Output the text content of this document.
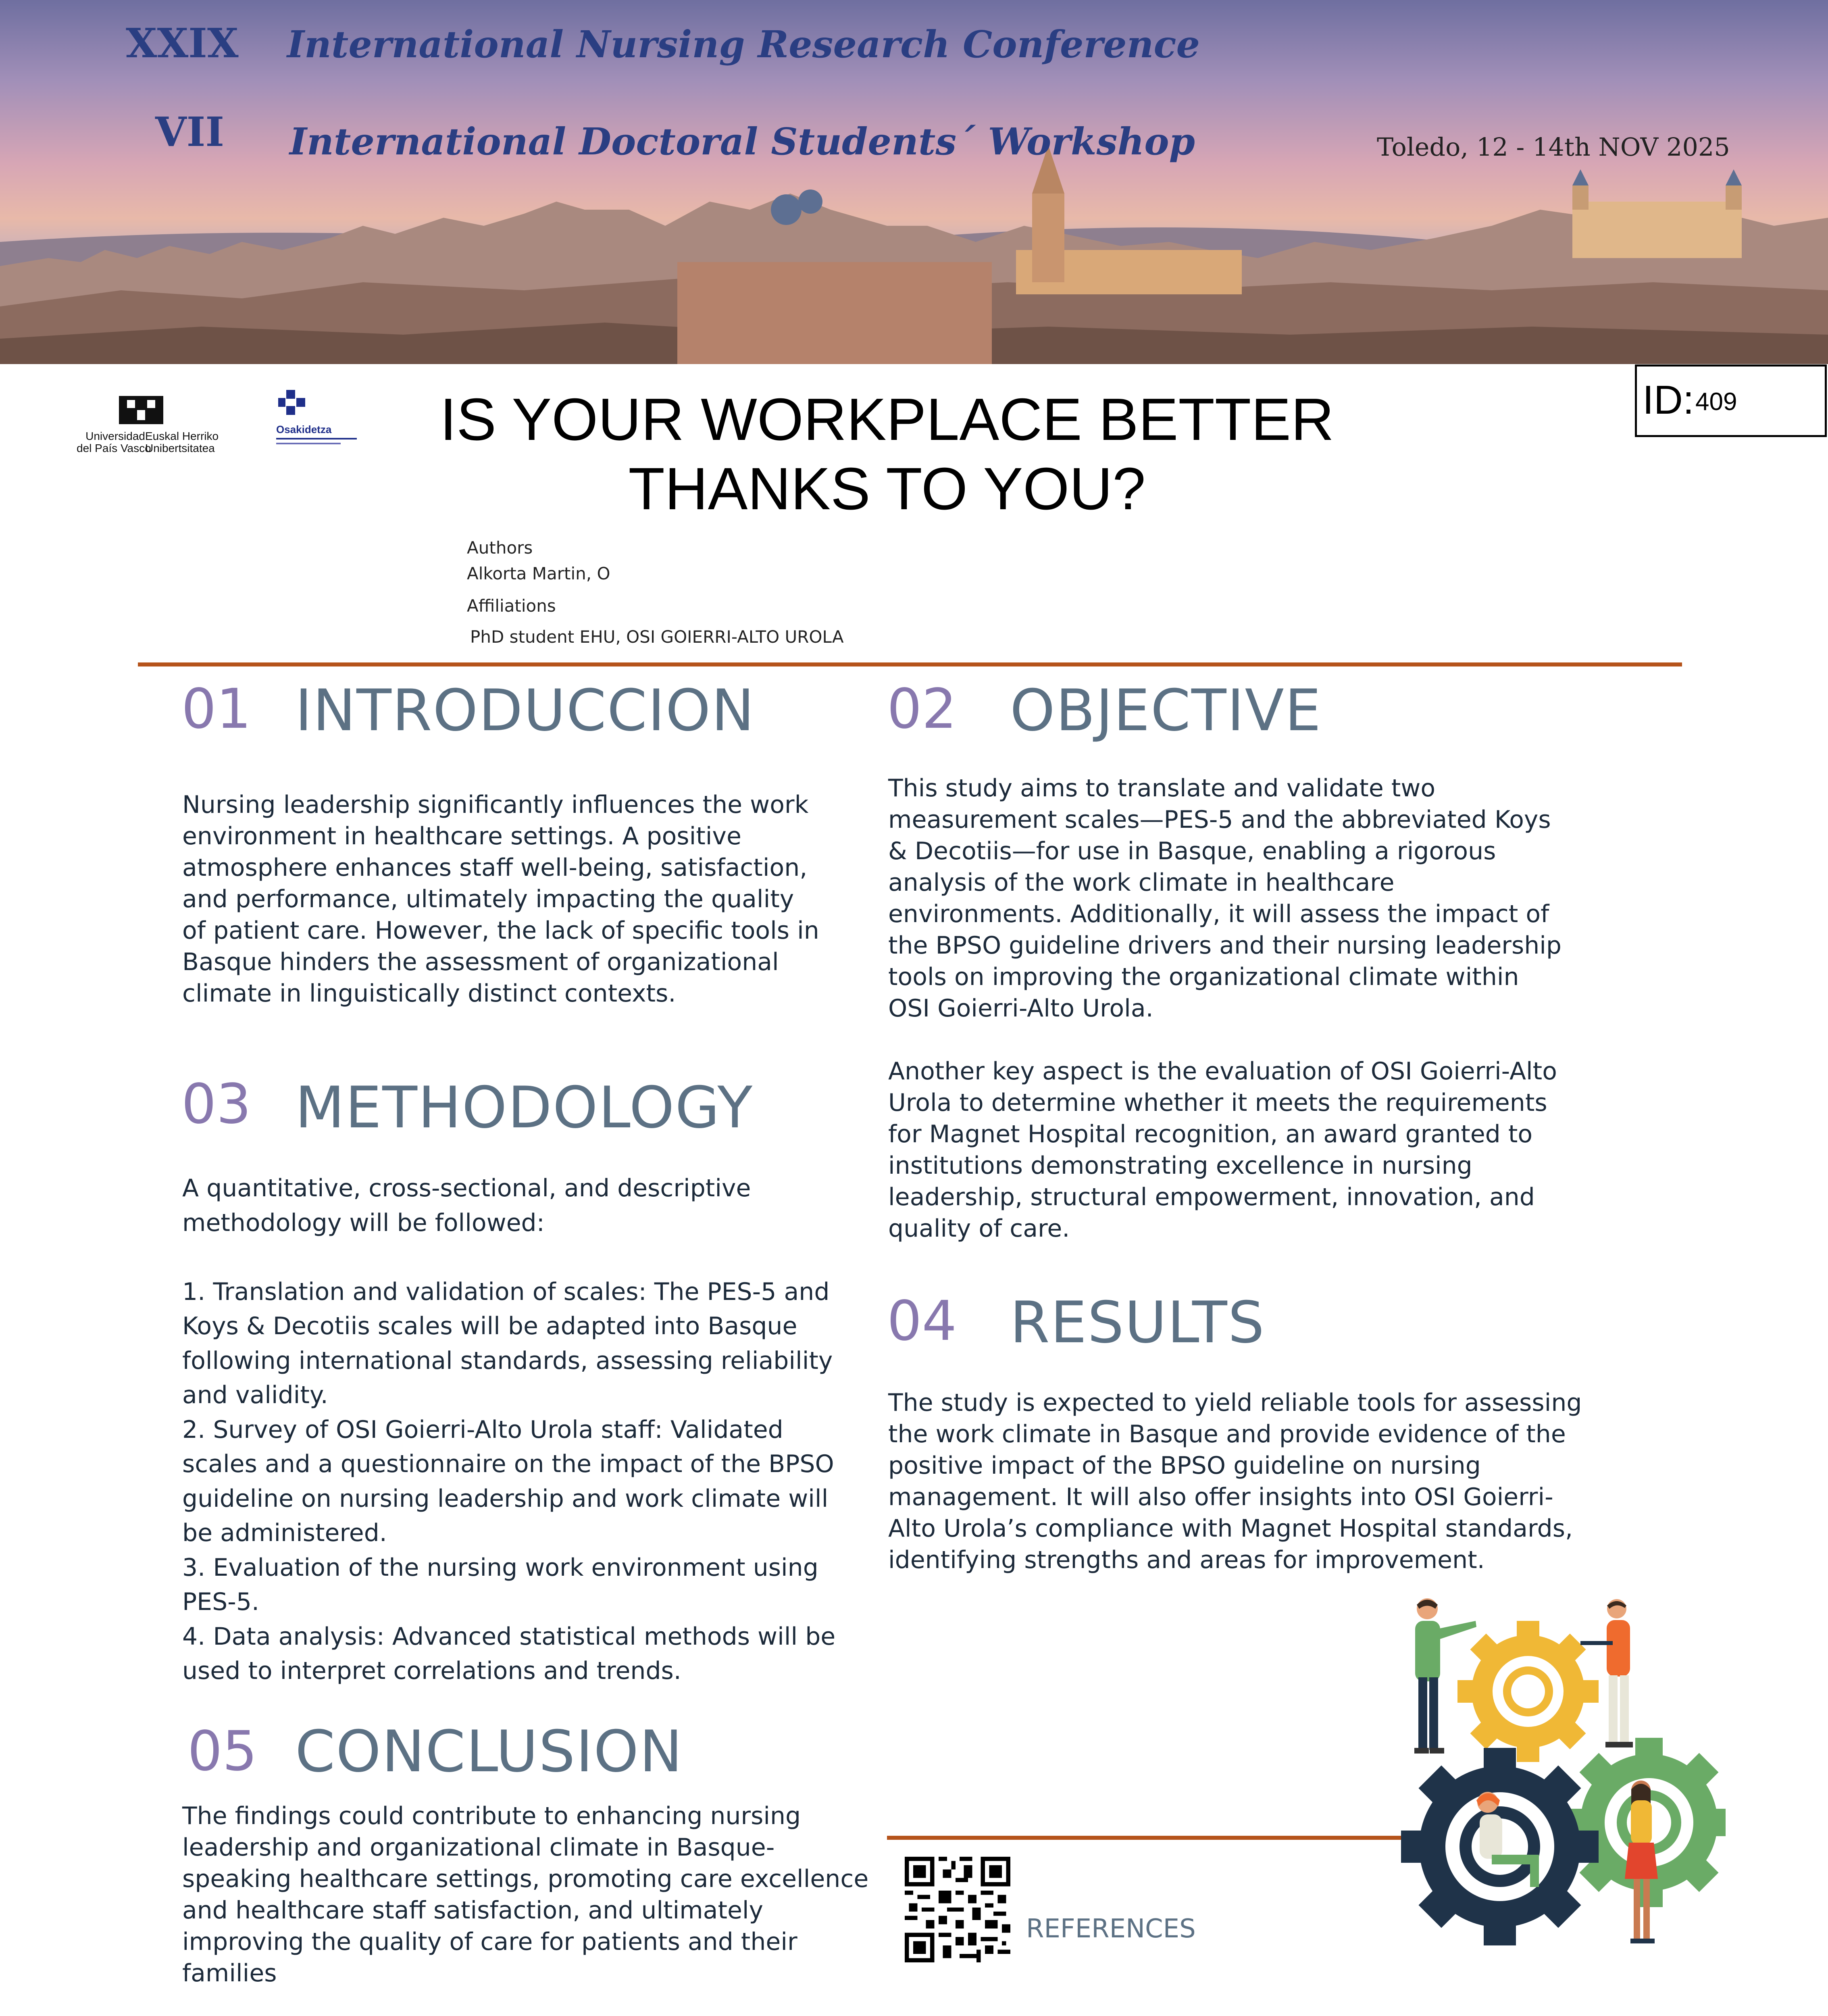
XXIX International Nursing Research Conference
VII International Doctoral Students´ Workshop	Toledo, 12 - 14th NOV 2025
Universidad
del País Vasco
Euskal Herriko
Unibertsitatea
Osakidetza
ID: 409
IS YOUR WORKPLACE BETTER
THANKS TO YOU?
Authors
Alkorta Martin, O
Affiliations
PhD student EHU, OSI GOIERRI-ALTO UROLA
01 INTRODUCCION
Nursing leadership significantly influences the work
environment in healthcare settings. A positive
atmosphere enhances staff well-being, satisfaction,
and performance, ultimately impacting the quality
of patient care. However, the lack of specific tools in
Basque hinders the assessment of organizational
climate in linguistically distinct contexts.
03 METHODOLOGY
A quantitative, cross-sectional, and descriptive
methodology will be followed:

1. Translation and validation of scales: The PES-5 and
Koys & Decotiis scales will be adapted into Basque
following international standards, assessing reliability
and validity.
2. Survey of OSI Goierri-Alto Urola staff: Validated
scales and a questionnaire on the impact of the BPSO
guideline on nursing leadership and work climate will
be administered.
3. Evaluation of the nursing work environment using
PES-5.
4. Data analysis: Advanced statistical methods will be
used to interpret correlations and trends.
05 CONCLUSION
The findings could contribute to enhancing nursing
leadership and organizational climate in Basque-
speaking healthcare settings, promoting care excellence
and healthcare staff satisfaction, and ultimately
improving the quality of care for patients and their
families
02 OBJECTIVE
This study aims to translate and validate two
measurement scales—PES-5 and the abbreviated Koys
& Decotiis—for use in Basque, enabling a rigorous
analysis of the work climate in healthcare
environments. Additionally, it will assess the impact of
the BPSO guideline drivers and their nursing leadership
tools on improving the organizational climate within
OSI Goierri-Alto Urola.

Another key aspect is the evaluation of OSI Goierri-Alto
Urola to determine whether it meets the requirements
for Magnet Hospital recognition, an award granted to
institutions demonstrating excellence in nursing
leadership, structural empowerment, innovation, and
quality of care.
04 RESULTS
The study is expected to yield reliable tools for assessing
the work climate in Basque and provide evidence of the
positive impact of the BPSO guideline on nursing
management. It will also offer insights into OSI Goierri-
Alto Urola’s compliance with Magnet Hospital standards,
identifying strengths and areas for improvement.
REFERENCES
